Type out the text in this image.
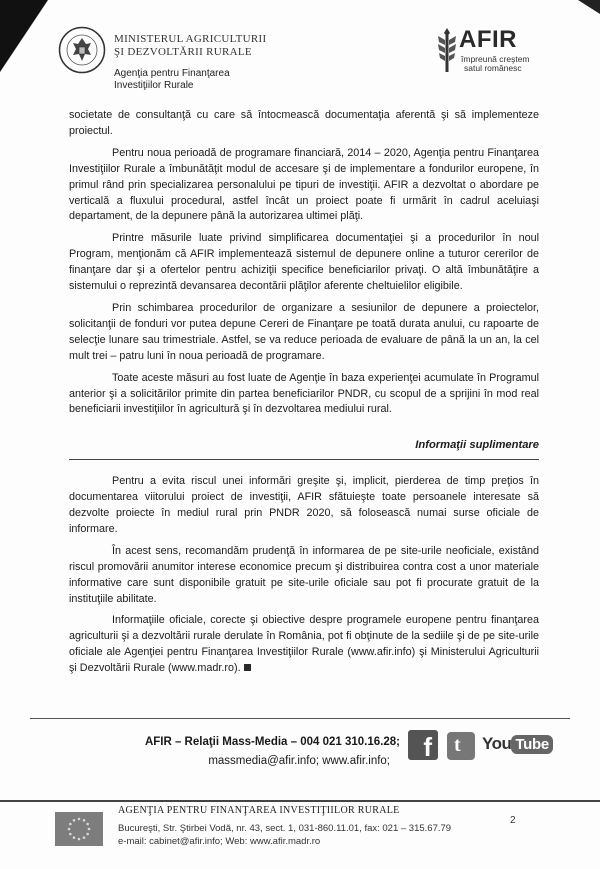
MINISTERUL AGRICULTURII
ŞI DEZVOLTĂRII RURALE
Agenţia pentru Finanţarea
Investiţiilor Rurale
AFIR
împreună creştem
satul românesc

societate de consultanţă cu care să întocmească documentaţia aferentă şi să implementeze proiectul.

Pentru noua perioadă de programare financiară, 2014 – 2020, Agenţia pentru Finanţarea Investiţiilor Rurale a îmbunătăţit modul de accesare şi de implementare a fondurilor europene, în primul rând prin specializarea personalului pe tipuri de investiţii. AFIR a dezvoltat o abordare pe verticală a fluxului procedural, astfel încât un proiect poate fi urmărit în cadrul aceluiaşi departament, de la depunere până la autorizarea ultimei plăţi.

Printre măsurile luate privind simplificarea documentaţiei şi a procedurilor în noul Program, menţionăm că AFIR implementează sistemul de depunere online a tuturor cererilor de finanţare dar şi a ofertelor pentru achiziţii specifice beneficiarilor privaţi. O altă îmbunătăţire a sistemului o reprezintă devansarea decontării plăţilor aferente cheltuielilor eligibile.

Prin schimbarea procedurilor de organizare a sesiunilor de depunere a proiectelor, solicitanţii de fonduri vor putea depune Cereri de Finanţare pe toată durata anului, cu rapoarte de selecţie lunare sau trimestriale. Astfel, se va reduce perioada de evaluare de până la un an, la cel mult trei – patru luni în noua perioadă de programare.

Toate aceste măsuri au fost luate de Agenţie în baza experienţei acumulate în Programul anterior şi a solicitărilor primite din partea beneficiarilor PNDR, cu scopul de a sprijini în mod real beneficiarii investiţiilor în agricultură şi în dezvoltarea mediului rural.

Informaţii suplimentare

Pentru a evita riscul unei informări greşite şi, implicit, pierderea de timp preţios în documentarea viitorului proiect de investiţii, AFIR sfătuieşte toate persoanele interesate să dezvolte proiecte în mediul rural prin PNDR 2020, să folosească numai surse oficiale de informare.

În acest sens, recomandăm prudenţă în informarea de pe site-urile neoficiale, existând riscul promovării anumitor interese economice precum şi distribuirea contra cost a unor materiale informative care sunt disponibile gratuit pe site-urile oficiale sau pot fi procurate gratuit de la instituţiile abilitate.

Informaţiile oficiale, corecte şi obiective despre programele europene pentru finanţarea agriculturii şi a dezvoltării rurale derulate în România, pot fi obţinute de la sediile şi de pe site-urile oficiale ale Agenţiei pentru Finanţarea Investiţiilor Rurale (www.afir.info) şi Ministerului Agriculturii şi Dezvoltării Rurale (www.madr.ro).

AFIR – Relaţii Mass-Media – 004 021 310.16.28;
massmedia@afir.info; www.afir.info;	f t You Tube
AGENŢIA PENTRU FINANŢAREA INVESTIŢIILOR RURALE
Bucureşti, Str. Ştirbei Vodă, nr. 43, sect. 1, 031-860.11.01, fax: 021 – 315.67.79
e-mail: cabinet@afir.info; Web: www.afir.madr.ro
2
